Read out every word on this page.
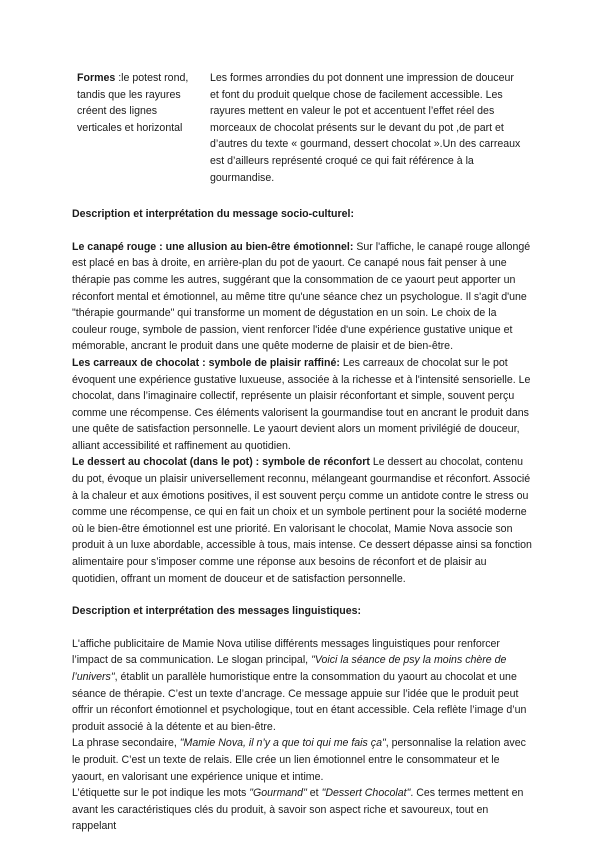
Formes :le potest rond, tandis que les rayures créent des lignes verticales et horizontal
Les formes arrondies du pot donnent une impression de douceur et font du produit quelque chose de facilement accessible. Les rayures mettent en valeur le pot et accentuent l’effet réel des morceaux de chocolat présents sur le devant du pot ,de part et d’autres du texte « gourmand, dessert chocolat ».Un des carreaux est d’ailleurs représenté croqué ce qui fait référence à la gourmandise.

Description et interprétation du message socio-culturel:

Le canapé rouge : une allusion au bien-être émotionnel: Sur l'affiche, le canapé rouge allongé est placé en bas à droite, en arrière-plan du pot de yaourt. Ce canapé nous fait penser à une thérapie pas comme les autres, suggérant que la consommation de ce yaourt peut apporter un réconfort mental et émotionnel, au même titre qu'une séance chez un psychologue. Il s'agit d'une "thérapie gourmande" qui transforme un moment de dégustation en un soin. Le choix de la couleur rouge, symbole de passion, vient renforcer l'idée d'une expérience gustative unique et mémorable, ancrant le produit dans une quête moderne de plaisir et de bien-être.

Les carreaux de chocolat : symbole de plaisir raffiné: Les carreaux de chocolat sur le pot évoquent une expérience gustative luxueuse, associée à la richesse et à l'intensité sensorielle. Le chocolat, dans l’imaginaire collectif, représente un plaisir réconfortant et simple, souvent perçu comme une récompense. Ces éléments valorisent la gourmandise tout en ancrant le produit dans une quête de satisfaction personnelle. Le yaourt devient alors un moment privilégié de douceur, alliant accessibilité et raffinement au quotidien.

Le dessert au chocolat (dans le pot) : symbole de réconfort Le dessert au chocolat, contenu du pot, évoque un plaisir universellement reconnu, mélangeant gourmandise et réconfort. Associé à la chaleur et aux émotions positives, il est souvent perçu comme un antidote contre le stress ou comme une récompense, ce qui en fait un choix et un symbole pertinent pour la société moderne où le bien-être émotionnel est une priorité. En valorisant le chocolat, Mamie Nova associe son produit à un luxe abordable, accessible à tous, mais intense. Ce dessert dépasse ainsi sa fonction alimentaire pour s’imposer comme une réponse aux besoins de réconfort et de plaisir au quotidien, offrant un moment de douceur et de satisfaction personnelle.

Description et interprétation des messages linguistiques:

L'affiche publicitaire de Mamie Nova utilise différents messages linguistiques pour renforcer l’impact de sa communication. Le slogan principal, "Voici la séance de psy la moins chère de l’univers", établit un parallèle humoristique entre la consommation du yaourt au chocolat et une séance de thérapie. C’est un texte d’ancrage. Ce message appuie sur l’idée que le produit peut offrir un réconfort émotionnel et psychologique, tout en étant accessible. Cela reflète l’image d’un produit associé à la détente et au bien-être.

La phrase secondaire, "Mamie Nova, il n’y a que toi qui me fais ça", personnalise la relation avec le produit. C’est un texte de relais. Elle crée un lien émotionnel entre le consommateur et le yaourt, en valorisant une expérience unique et intime.

L’étiquette sur le pot indique les mots "Gourmand" et "Dessert Chocolat". Ces termes mettent en avant les caractéristiques clés du produit, à savoir son aspect riche et savoureux, tout en rappelant
